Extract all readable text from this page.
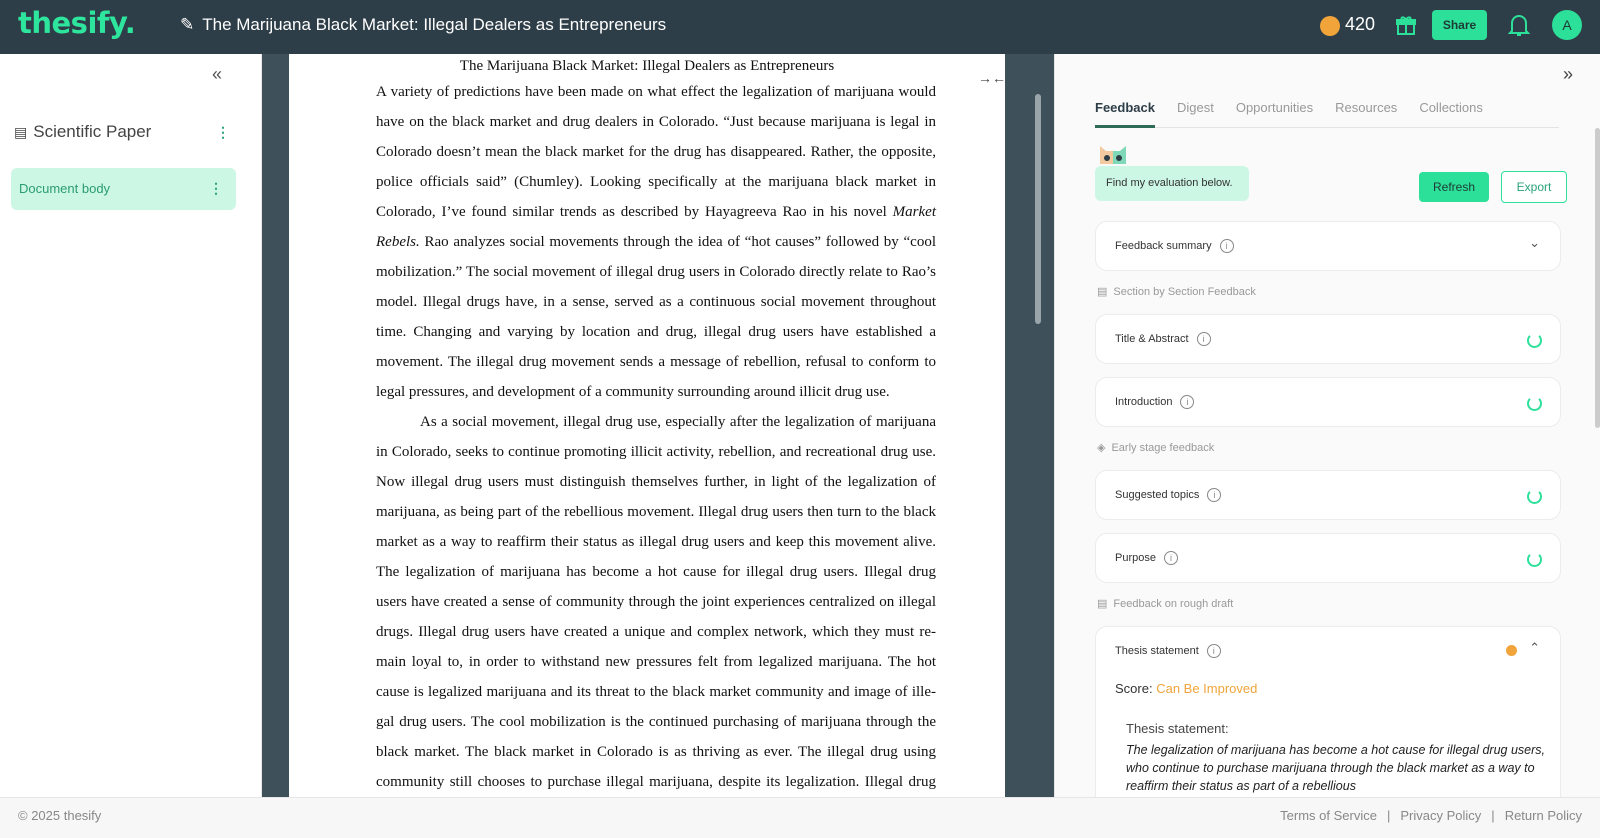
thesify.	✎ The Marijuana Black Market: Illegal Dealers as Entrepreneurs	420	Share	A
«
▤ Scientific Paper	⋮
Document body	⋮
The Marijuana Black Market: Illegal Dealers as Entrepreneurs
A variety of predictions have been made on what effect the legalization of marijuana would
have on the black market and drug dealers in Colorado. “Just because marijuana is legal in
Colorado doesn’t mean the black market for the drug has disappeared. Rather, the opposite,
police officials said” (Chumley). Looking specifically at the marijuana black market in
Colorado, I’ve found similar trends as described by Hayagreeva Rao in his novel Market
Rebels. Rao analyzes social movements through the idea of “hot causes” followed by “cool
mobilization.” The social movement of illegal drug users in Colorado directly relate to Rao’s
model. Illegal drugs have, in a sense, served as a continuous social movement throughout
time. Changing and varying by location and drug, illegal drug users have established a
movement. The illegal drug movement sends a message of rebellion, refusal to conform to
legal pressures, and development of a community surrounding around illicit drug use.
As a social movement, illegal drug use, especially after the legalization of marijuana
in Colorado, seeks to continue promoting illicit activity, rebellion, and recreational drug use.
Now illegal drug users must distinguish themselves further, in light of the legalization of
marijuana, as being part of the rebellious movement. Illegal drug users then turn to the black
market as a way to reaffirm their status as illegal drug users and keep this movement alive.
The legalization of marijuana has become a hot cause for illegal drug users. Illegal drug
users have created a sense of community through the joint experiences centralized on illegal
drugs. Illegal drug users have created a unique and complex network, which they must re-
main loyal to, in order to withstand new pressures felt from legalized marijuana. The hot
cause is legalized marijuana and its threat to the black market community and image of ille-
gal drug users. The cool mobilization is the continued purchasing of marijuana through the
black market. The black market in Colorado is as thriving as ever. The illegal drug using
community still chooses to purchase illegal marijuana, despite its legalization. Illegal drug
→←	»
Feedback Digest Opportunities Resources Collections
Find my evaluation below.	Refresh	Export
Feedback summary	i	⌄
▤ Section by Section Feedback
Title & Abstract	i
Introduction	i
◈ Early stage feedback
Suggested topics	i
Purpose	i
▤ Feedback on rough draft
Thesis statement	i	⌃
Score: Can Be Improved
Thesis statement:
The legalization of marijuana has become a hot cause for illegal drug users, who continue to purchase marijuana through the black market as a way to reaffirm their status as part of a rebellious
© 2025 thesify	Terms of Service | Privacy Policy | Return Policy
